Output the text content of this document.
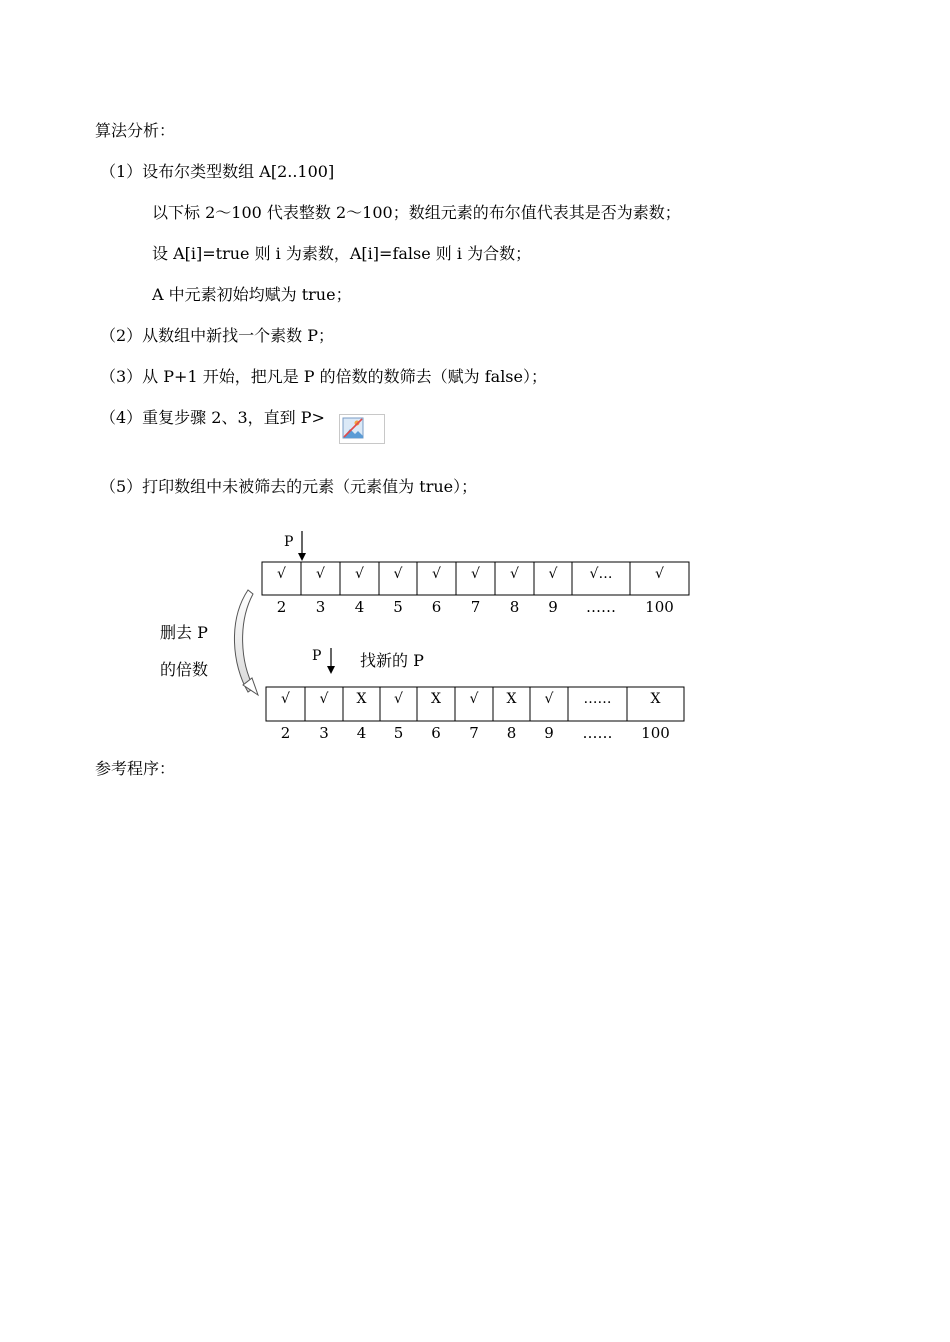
算法分析：
（1）设布尔类型数组 A[2..100]
以下标 2～100 代表整数 2～100；数组元素的布尔值代表其是否为素数；
设 A[i]=true 则 i 为素数，A[i]=false 则 i 为合数；
A 中元素初始均赋为 true；
（2）从数组中新找一个素数 P；
（3）从 P+1 开始，把凡是 P 的倍数的数筛去（赋为 false）；
（4）重复步骤 2、3，直到 P>
（5）打印数组中未被筛去的元素（元素值为 true）；
P
√ √ √ √ √ √ √ √ √…	√
2 3 4 5 6 7 8 9 …… 100
删去 P
的倍数
P 找新的 P
√ √ X √ X √ X √ ……	X
2 3 4 5 6 7 8 9 …… 100
参考程序：
